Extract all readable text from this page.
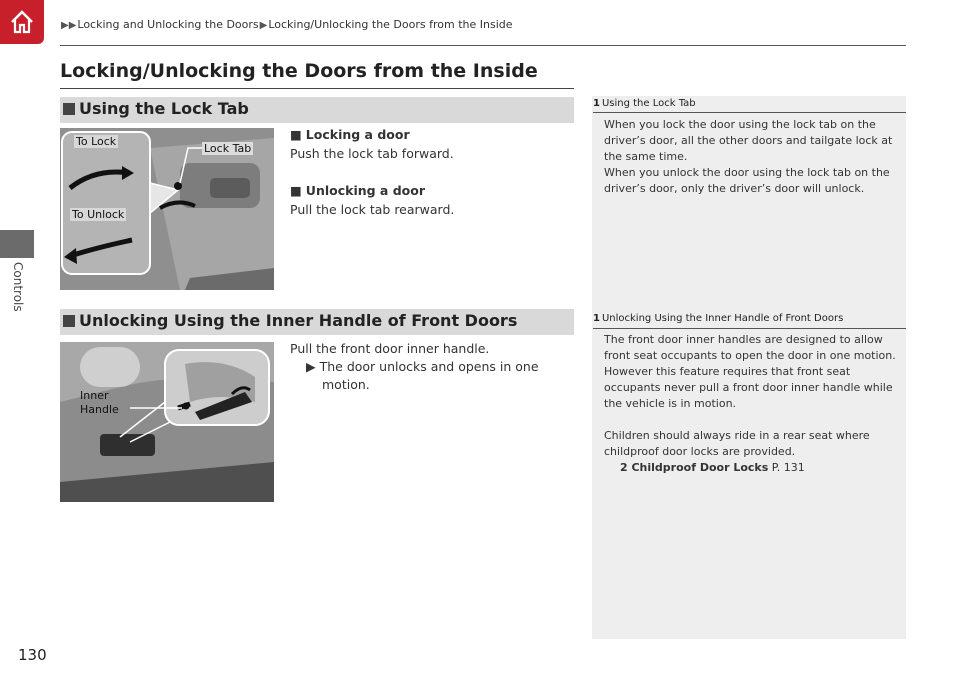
▶▶Locking and Unlocking the Doors▶Locking/Unlocking the Doors from the Inside
Controls
Locking/Unlocking the Doors from the Inside
Using the Lock Tab
To Lock
Lock Tab
To Unlock
■ Locking a door
Push the lock tab forward.
■ Unlocking a door
Pull the lock tab rearward.
1 Using the Lock Tab
When you lock the door using the lock tab on the
driver’s door, all the other doors and tailgate lock at
the same time.
When you unlock the door using the lock tab on the
driver’s door, only the driver’s door will unlock.
Unlocking Using the Inner Handle of Front Doors
Inner
Handle
Pull the front door inner handle.
▶ The door unlocks and opens in one
motion.
1 Unlocking Using the Inner Handle of Front Doors
The front door inner handles are designed to allow
front seat occupants to open the door in one motion.
However this feature requires that front seat
occupants never pull a front door inner handle while
the vehicle is in motion.
Children should always ride in a rear seat where
childproof door locks are provided.
2 Childproof Door Locks P. 131
130
